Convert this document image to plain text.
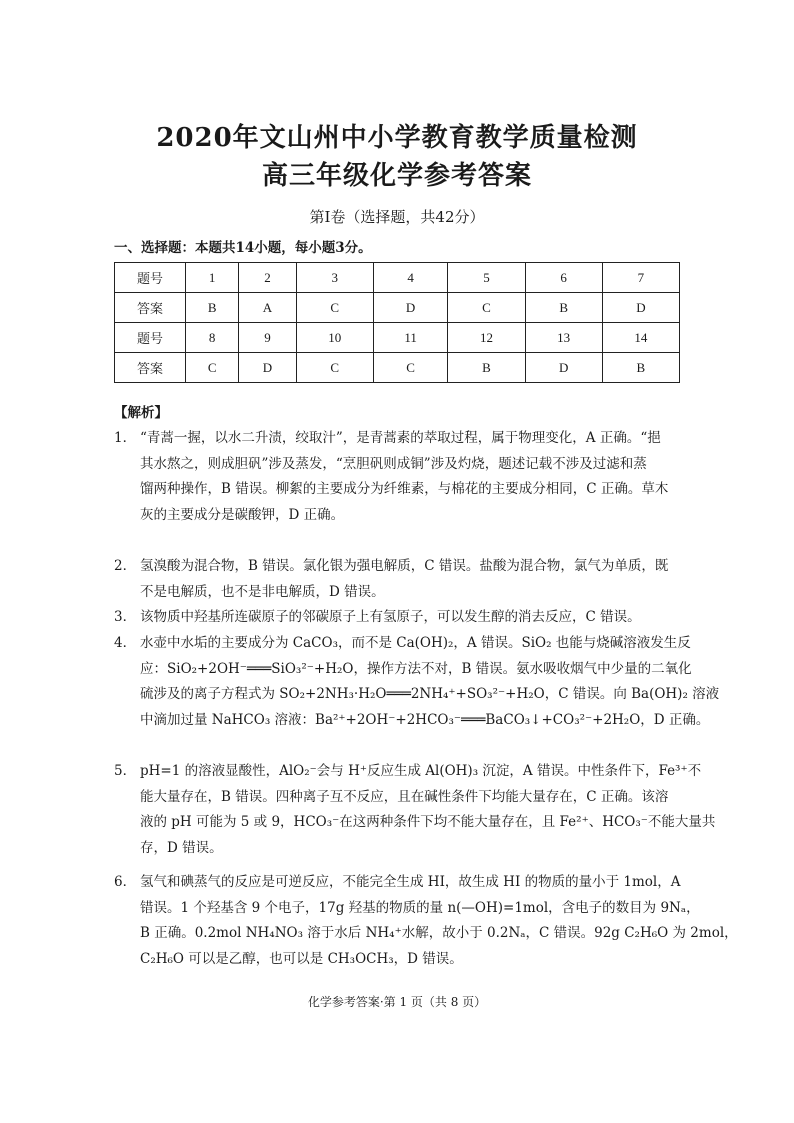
2020年文山州中小学教育教学质量检测
高三年级化学参考答案
第Ⅰ卷（选择题，共42分）
一、选择题：本题共14小题，每小题3分。
题号	1	2	3	4	5	6	7
答案	B	A	C	D	C	B	D
题号	8	9	10	11	12	13	14
答案	C	D	C	C	B	D	B
【解析】
1． “青蒿一握，以水二升渍，绞取汁”，是青蒿素的萃取过程，属于物理变化，A 正确。“挹
其水熬之，则成胆矾”涉及蒸发，“烹胆矾则成铜”涉及灼烧，题述记载不涉及过滤和蒸
馏两种操作，B 错误。柳絮的主要成分为纤维素，与棉花的主要成分相同，C 正确。草木
灰的主要成分是碳酸钾，D 正确。
2． 氢溴酸为混合物，B 错误。氯化银为强电解质，C 错误。盐酸为混合物，氯气为单质，既
不是电解质，也不是非电解质，D 错误。
3． 该物质中羟基所连碳原子的邻碳原子上有氢原子，可以发生醇的消去反应，C 错误。
4． 水壶中水垢的主要成分为 CaCO₃，而不是 Ca(OH)₂，A 错误。SiO₂ 也能与烧碱溶液发生反
应：SiO₂+2OH⁻═══SiO₃²⁻+H₂O，操作方法不对，B 错误。氨水吸收烟气中少量的二氧化
硫涉及的离子方程式为 SO₂+2NH₃·H₂O═══2NH₄⁺+SO₃²⁻+H₂O，C 错误。向 Ba(OH)₂ 溶液
中滴加过量 NaHCO₃ 溶液：Ba²⁺+2OH⁻+2HCO₃⁻═══BaCO₃↓+CO₃²⁻+2H₂O，D 正确。
5． pH=1 的溶液显酸性，AlO₂⁻会与 H⁺反应生成 Al(OH)₃ 沉淀，A 错误。中性条件下，Fe³⁺不
能大量存在，B 错误。四种离子互不反应，且在碱性条件下均能大量存在，C 正确。该溶
液的 pH 可能为 5 或 9，HCO₃⁻在这两种条件下均不能大量存在，且 Fe²⁺、HCO₃⁻不能大量共
存，D 错误。
6． 氢气和碘蒸气的反应是可逆反应，不能完全生成 HI，故生成 HI 的物质的量小于 1mol，A
错误。1 个羟基含 9 个电子，17g 羟基的物质的量 n(—OH)=1mol，含电子的数目为 9Nₐ，
B 正确。0.2mol NH₄NO₃ 溶于水后 NH₄⁺水解，故小于 0.2Nₐ，C 错误。92g C₂H₆O 为 2mol，
C₂H₆O 可以是乙醇，也可以是 CH₃OCH₃，D 错误。
化学参考答案·第 1 页（共 8 页）
